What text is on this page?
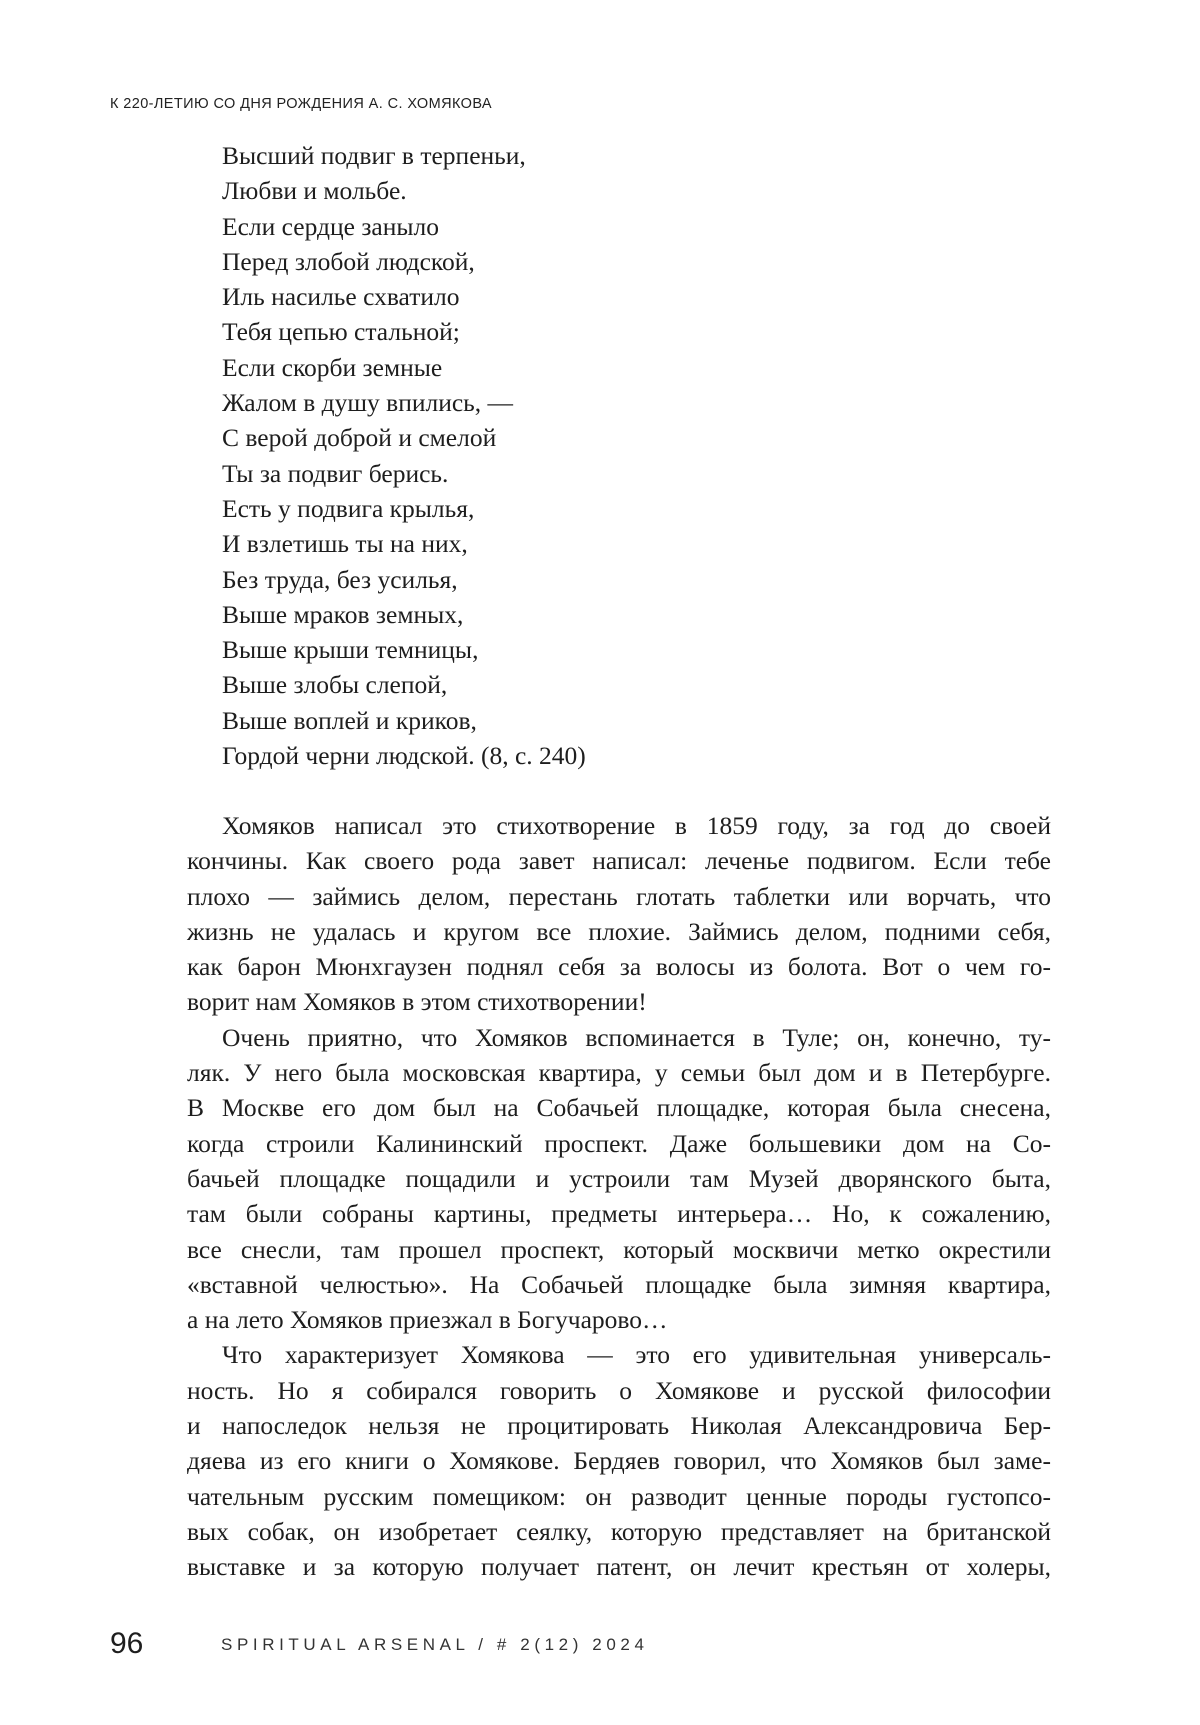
К 220-ЛЕТИЮ СО ДНЯ РОЖДЕНИЯ А. С. ХОМЯКОВА
Высший подвиг в терпеньи,
Любви и мольбе.
Если сердце заныло
Перед злобой людской,
Иль насилье схватило
Тебя цепью стальной;
Если скорби земные
Жалом в душу впились, —
С верой доброй и смелой
Ты за подвиг берись.
Есть у подвига крылья,
И взлетишь ты на них,
Без труда, без усилья,
Выше мраков земных,
Выше крыши темницы,
Выше злобы слепой,
Выше воплей и криков,
Гордой черни людской. (8, с. 240)
Хомяков написал это стихотворение в 1859 году, за год до своей
кончины. Как своего рода завет написал: леченье подвигом. Если тебе
плохо — займись делом, перестань глотать таблетки или ворчать, что
жизнь не удалась и кругом все плохие. Займись делом, подними себя,
как барон Мюнхгаузен поднял себя за волосы из болота. Вот о чем го-
ворит нам Хомяков в этом стихотворении!
Очень приятно, что Хомяков вспоминается в Туле; он, конечно, ту-
ляк. У него была московская квартира, у семьи был дом и в Петербурге.
В Москве его дом был на Собачьей площадке, которая была снесена,
когда строили Калининский проспект. Даже большевики дом на Со-
бачьей площадке пощадили и устроили там Музей дворянского быта,
там были собраны картины, предметы интерьера… Но, к сожалению,
все снесли, там прошел проспект, который москвичи метко окрестили
«вставной челюстью». На Собачьей площадке была зимняя квартира,
а на лето Хомяков приезжал в Богучарово…
Что характеризует Хомякова — это его удивительная универсаль-
ность. Но я собирался говорить о Хомякове и русской философии
и напоследок нельзя не процитировать Николая Александровича Бер-
дяева из его книги о Хомякове. Бердяев говорил, что Хомяков был заме-
чательным русским помещиком: он разводит ценные породы густопсо-
вых собак, он изобретает сеялку, которую представляет на британской
выставке и за которую получает патент, он лечит крестьян от холеры,
96	SPIRITUAL ARSENAL / # 2(12) 2024
